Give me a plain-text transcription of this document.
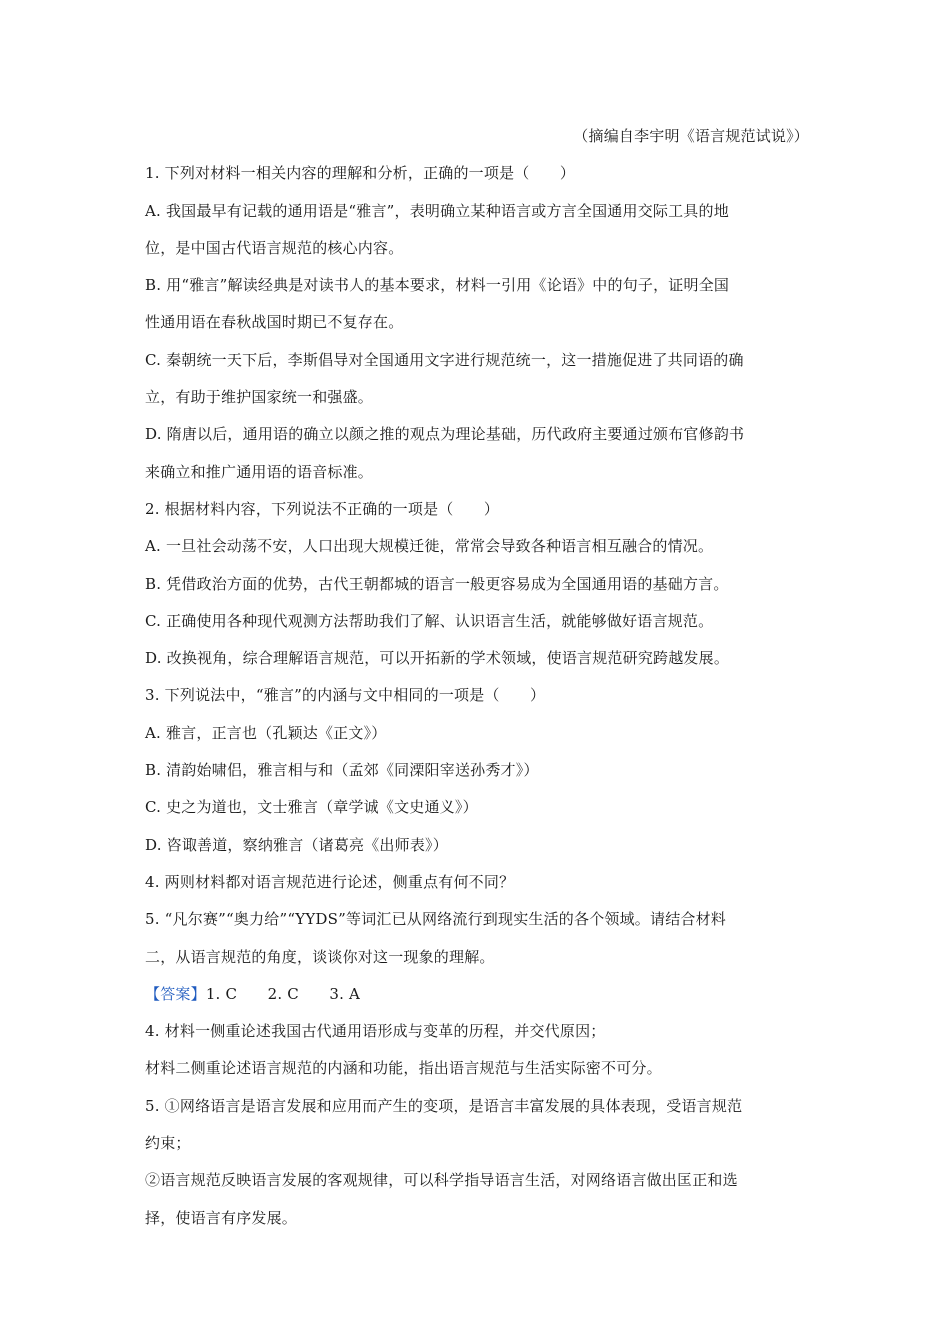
（摘编自李宇明《语言规范试说》）
1. 下列对材料一相关内容的理解和分析，正确的一项是（　　）
A. 我国最早有记载的通用语是“雅言”，表明确立某种语言或方言全国通用交际工具的地
位，是中国古代语言规范的核心内容。
B. 用“雅言”解读经典是对读书人的基本要求，材料一引用《论语》中的句子，证明全国
性通用语在春秋战国时期已不复存在。
C. 秦朝统一天下后，李斯倡导对全国通用文字进行规范统一，这一措施促进了共同语的确
立，有助于维护国家统一和强盛。
D. 隋唐以后，通用语的确立以颜之推的观点为理论基础，历代政府主要通过颁布官修韵书
来确立和推广通用语的语音标准。
2. 根据材料内容，下列说法不正确的一项是（　　）
A. 一旦社会动荡不安，人口出现大规模迁徙，常常会导致各种语言相互融合的情况。
B. 凭借政治方面的优势，古代王朝都城的语言一般更容易成为全国通用语的基础方言。
C. 正确使用各种现代观测方法帮助我们了解、认识语言生活，就能够做好语言规范。
D. 改换视角，综合理解语言规范，可以开拓新的学术领域，使语言规范研究跨越发展。
3. 下列说法中，“雅言”的内涵与文中相同的一项是（　　）
A. 雅言，正言也（孔颖达《正文》）
B. 清韵始啸侣，雅言相与和（孟郊《同溧阳宰送孙秀才》）
C. 史之为道也，文士雅言（章学诚《文史通义》）
D. 咨诹善道，察纳雅言（诸葛亮《出师表》）
4. 两则材料都对语言规范进行论述，侧重点有何不同？
5. “凡尔赛”“奥力给”“YYDS”等词汇已从网络流行到现实生活的各个领域。请结合材料
二，从语言规范的角度，谈谈你对这一现象的理解。
【答案】1. C　　2. C　　3. A
4. 材料一侧重论述我国古代通用语形成与变革的历程，并交代原因；
材料二侧重论述语言规范的内涵和功能，指出语言规范与生活实际密不可分。
5. ①网络语言是语言发展和应用而产生的变项，是语言丰富发展的具体表现，受语言规范
约束；
②语言规范反映语言发展的客观规律，可以科学指导语言生活，对网络语言做出匡正和选
择，使语言有序发展。
